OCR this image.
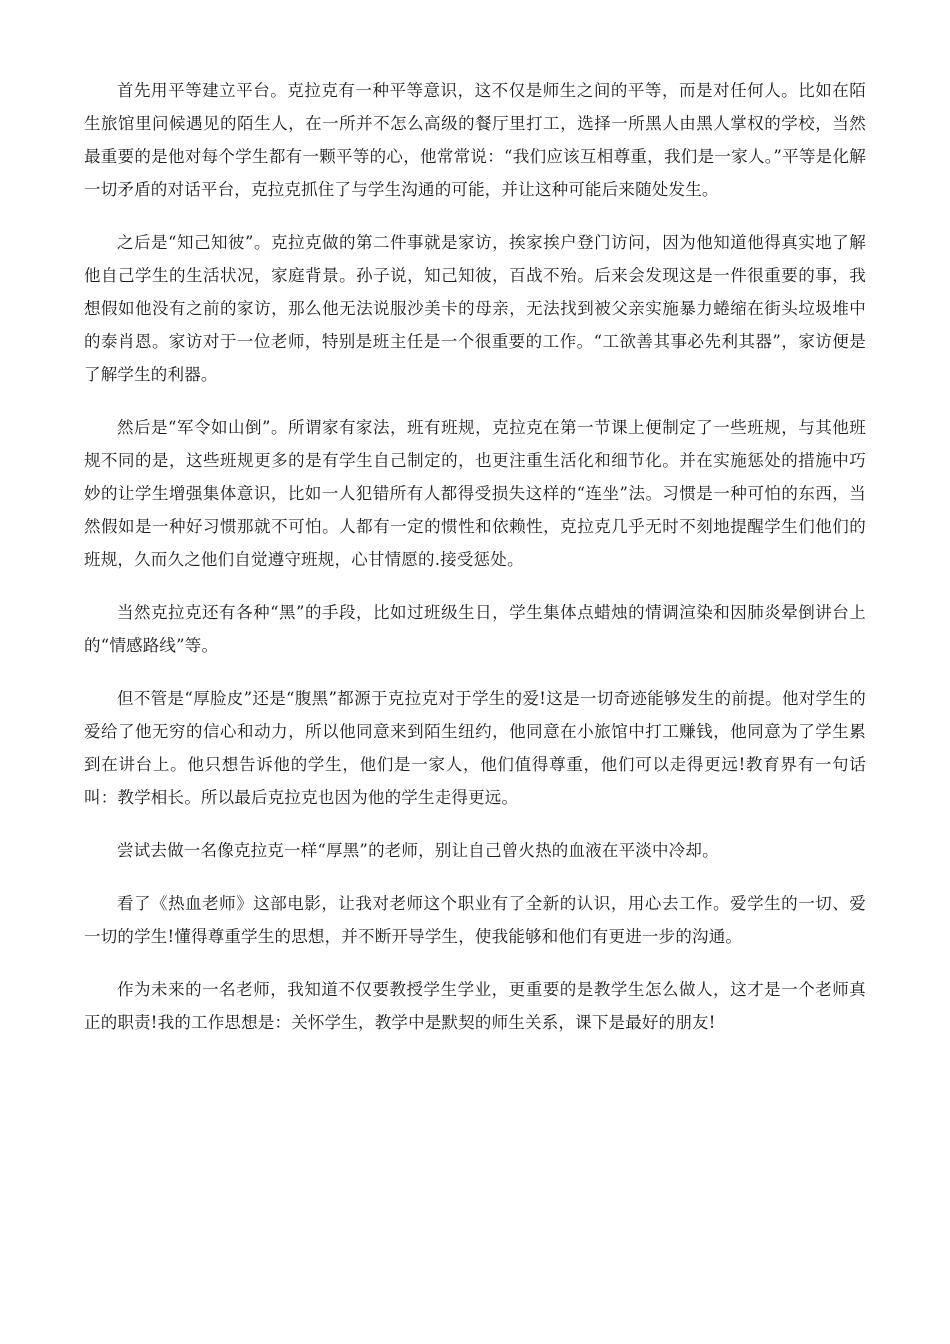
首先用平等建立平台。克拉克有一种平等意识，这不仅是师生之间的平等，而是对任何人。比如在陌生旅馆里问候遇见的陌生人，在一所并不怎么高级的餐厅里打工，选择一所黑人由黑人掌权的学校，当然最重要的是他对每个学生都有一颗平等的心，他常常说：“我们应该互相尊重，我们是一家人。”平等是化解一切矛盾的对话平台，克拉克抓住了与学生沟通的可能，并让这种可能后来随处发生。

之后是“知己知彼”。克拉克做的第二件事就是家访，挨家挨户登门访问，因为他知道他得真实地了解他自己学生的生活状况，家庭背景。孙子说，知己知彼，百战不殆。后来会发现这是一件很重要的事，我想假如他没有之前的家访，那么他无法说服沙美卡的母亲，无法找到被父亲实施暴力蜷缩在街头垃圾堆中的泰肖恩。家访对于一位老师，特别是班主任是一个很重要的工作。“工欲善其事必先利其器”，家访便是了解学生的利器。

然后是“军令如山倒”。所谓家有家法，班有班规，克拉克在第一节课上便制定了一些班规，与其他班规不同的是，这些班规更多的是有学生自己制定的，也更注重生活化和细节化。并在实施惩处的措施中巧妙的让学生增强集体意识，比如一人犯错所有人都得受损失这样的“连坐”法。习惯是一种可怕的东西，当然假如是一种好习惯那就不可怕。人都有一定的惯性和依赖性，克拉克几乎无时不刻地提醒学生们他们的班规，久而久之他们自觉遵守班规，心甘情愿的.接受惩处。

当然克拉克还有各种“黑”的手段，比如过班级生日，学生集体点蜡烛的情调渲染和因肺炎晕倒讲台上的“情感路线”等。

但不管是“厚脸皮”还是“腹黑”都源于克拉克对于学生的爱!这是一切奇迹能够发生的前提。他对学生的爱给了他无穷的信心和动力，所以他同意来到陌生纽约，他同意在小旅馆中打工赚钱，他同意为了学生累到在讲台上。他只想告诉他的学生，他们是一家人，他们值得尊重，他们可以走得更远!教育界有一句话叫：教学相长。所以最后克拉克也因为他的学生走得更远。

尝试去做一名像克拉克一样“厚黑”的老师，别让自己曾火热的血液在平淡中冷却。

看了《热血老师》这部电影，让我对老师这个职业有了全新的认识，用心去工作。爱学生的一切、爱一切的学生!懂得尊重学生的思想，并不断开导学生，使我能够和他们有更进一步的沟通。

作为未来的一名老师，我知道不仅要教授学生学业，更重要的是教学生怎么做人，这才是一个老师真正的职责!我的工作思想是：关怀学生，教学中是默契的师生关系，课下是最好的朋友!
